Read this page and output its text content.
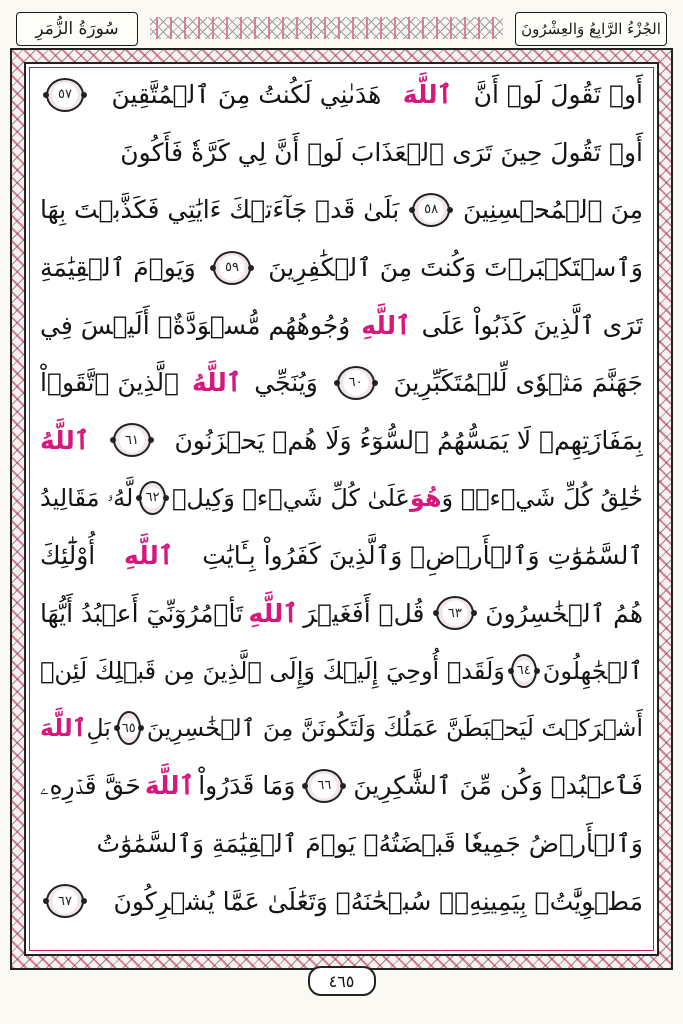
سُورَةُ الزُّمَرِ	الجُزْءُ الرَّابِعُ وَالعِشْرُونَ
أَوۡ تَقُولَ لَوۡ أَنَّ
ٱللَّهَ
هَدَىٰنِي لَكُنتُ مِنَ ٱلۡمُتَّقِينَ
٥٧
أَوۡ تَقُولَ حِينَ تَرَى ٱلۡعَذَابَ لَوۡ أَنَّ لِي كَرَّةٗ فَأَكُونَ
مِنَ ٱلۡمُحۡسِنِينَ
٥٨
بَلَىٰ قَدۡ جَآءَتۡكَ ءَايَٰتِي فَكَذَّبۡتَ بِهَا
وَٱسۡتَكۡبَرۡتَ وَكُنتَ مِنَ ٱلۡكَٰفِرِينَ
٥٩
وَيَوۡمَ ٱلۡقِيَٰمَةِ
تَرَى ٱلَّذِينَ كَذَبُواْ عَلَى
ٱللَّهِ
وُجُوهُهُم مُّسۡوَدَّةٌۚ أَلَيۡسَ فِي
جَهَنَّمَ مَثۡوٗى لِّلۡمُتَكَبِّرِينَ
٦٠
وَيُنَجِّي
ٱللَّهُ
ٱلَّذِينَ ٱتَّقَوۡاْ
بِمَفَازَتِهِمۡ لَا يَمَسُّهُمُ ٱلسُّوٓءُ وَلَا هُمۡ يَحۡزَنُونَ
٦١
ٱللَّهُ
خَٰلِقُ كُلِّ شَيۡءٖۖ وَ
هُوَ
عَلَىٰ كُلِّ شَيۡءٖ وَكِيلٞ
٦٢
لَّهُۥ مَقَالِيدُ
ٱلسَّمَٰوَٰتِ وَٱلۡأَرۡضِۗ وَٱلَّذِينَ كَفَرُواْ بِـَٔايَٰتِ
ٱللَّهِ
أُوْلَٰٓئِكَ
هُمُ ٱلۡخَٰسِرُونَ
٦٣
قُلۡ أَفَغَيۡرَ
ٱللَّهِ
تَأۡمُرُوٓنِّيٓ أَعۡبُدُ أَيُّهَا
ٱلۡجَٰهِلُونَ
٦٤
وَلَقَدۡ أُوحِيَ إِلَيۡكَ وَإِلَى ٱلَّذِينَ مِن قَبۡلِكَ لَئِنۡ
أَشۡرَكۡتَ لَيَحۡبَطَنَّ عَمَلُكَ وَلَتَكُونَنَّ مِنَ ٱلۡخَٰسِرِينَ
٦٥
بَلِ
ٱللَّهَ
فَٱعۡبُدۡ وَكُن مِّنَ ٱلشَّٰكِرِينَ
٦٦
وَمَا قَدَرُواْ
ٱللَّهَ
حَقَّ قَدۡرِهِۦ
وَٱلۡأَرۡضُ جَمِيعٗا قَبۡضَتُهُۥ يَوۡمَ ٱلۡقِيَٰمَةِ وَٱلسَّمَٰوَٰتُ
مَطۡوِيَّٰتُۢ بِيَمِينِهِۦۚ سُبۡحَٰنَهُۥ وَتَعَٰلَىٰ عَمَّا يُشۡرِكُونَ
٦٧
٤٦٥
